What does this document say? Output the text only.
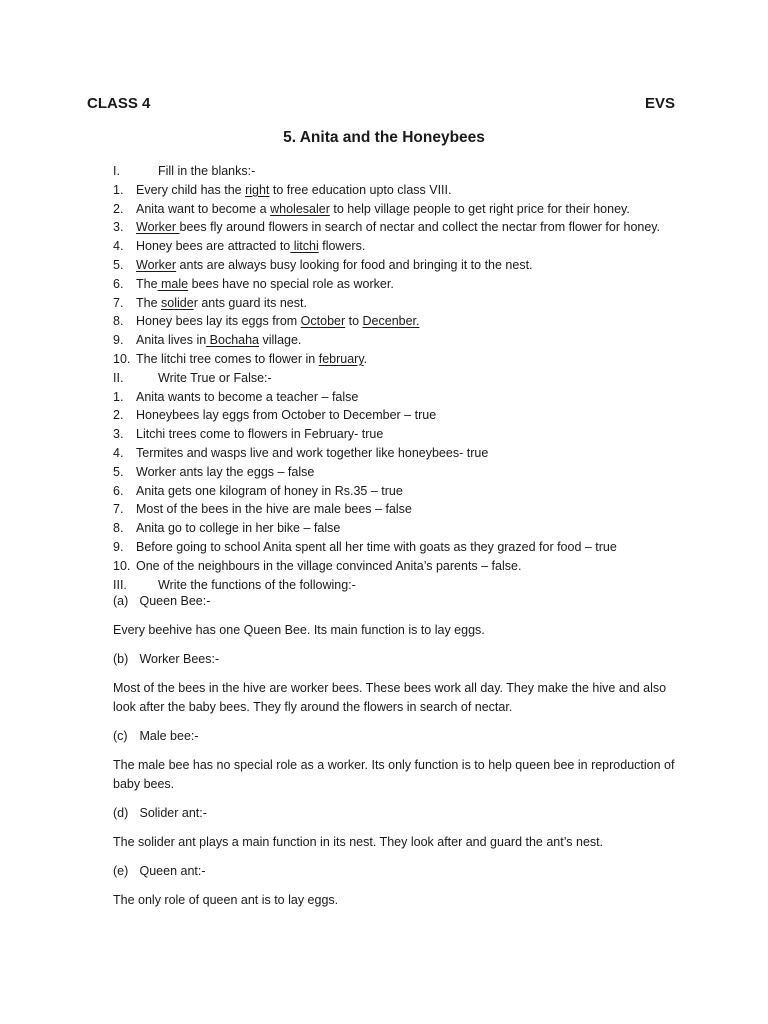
CLASS 4	EVS
5. Anita and the Honeybees
I.	Fill in the blanks:-
1. Every child has the right to free education upto class VIII.
2. Anita want to become a wholesaler to help village people to get right price for their honey.
3. Worker bees fly around flowers in search of nectar and collect the nectar from flower for honey.
4. Honey bees are attracted to litchi flowers.
5. Worker ants are always busy looking for food and bringing it to the nest.
6. The male bees have no special role as worker.
7. The solider ants guard its nest.
8. Honey bees lay its eggs from October to Decenber.
9. Anita lives in Bochaha village.
10. The litchi tree comes to flower in february.
II.	Write True or False:-
1. Anita wants to become a teacher – false
2. Honeybees lay eggs from October to December – true
3. Litchi trees come to flowers in February- true
4. Termites and wasps live and work together like honeybees- true
5. Worker ants lay the eggs – false
6. Anita gets one kilogram of honey in Rs.35 – true
7. Most of the bees in the hive are male bees – false
8. Anita go to college in her bike – false
9. Before going to school Anita spent all her time with goats as they grazed for food – true
10. One of the neighbours in the village convinced Anita’s parents – false.
III. Write the functions of the following:-

(a) Queen Bee:-

Every beehive has one Queen Bee. Its main function is to lay eggs.

(b) Worker Bees:-

Most of the bees in the hive are worker bees. These bees work all day. They make the hive and also look after the baby bees. They fly around the flowers in search of nectar.

(c) Male bee:-

The male bee has no special role as a worker. Its only function is to help queen bee in reproduction of baby bees.

(d) Solider ant:-

The solider ant plays a main function in its nest. They look after and guard the ant’s nest.

(e) Queen ant:-

The only role of queen ant is to lay eggs.
